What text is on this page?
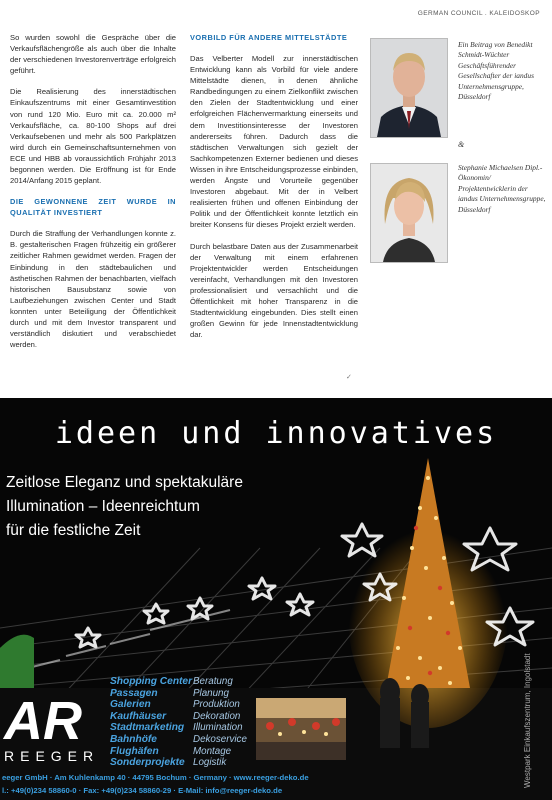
GERMAN COUNCIL . KALEIDOSKOP

So wurden sowohl die Gespräche über die Verkaufsflächengröße als auch über die Inhalte der verschiedenen Investorenverträge erfolgreich geführt.

Die Realisierung des innerstädtischen Einkaufszentrums mit einer Gesamtinvestition von rund 120 Mio. Euro mit ca. 20.000 m² Verkaufsfläche, ca. 80-100 Shops auf drei Verkaufsebenen und mehr als 500 Parkplätzen wird durch ein Gemeinschaftsunternehmen von ECE und HBB ab voraussichtlich Frühjahr 2013 begonnen werden. Die Eröffnung ist für Ende 2014/Anfang 2015 geplant.

DIE GEWONNENE ZEIT WURDE IN QUALITÄT INVESTIERT

Durch die Straffung der Verhandlungen konnte z. B. gestalterischen Fragen frühzeitig ein größerer zeitlicher Rahmen gewidmet werden. Fragen der Einbindung in den städtebaulichen und ästhetischen Rahmen der benachbarten, vielfach historischen Bausubstanz sowie von Laufbeziehungen zwischen Center und Stadt konnten unter Beteiligung der Öffentlichkeit durch und mit dem Investor transparent und verständlich diskutiert und verabschiedet werden.

VORBILD FÜR ANDERE MITTELSTÄDTE

Das Velberter Modell zur innerstädtischen Entwicklung kann als Vorbild für viele andere Mittelstädte dienen, in denen ähnliche Randbedingungen zu einem Zielkonflikt zwischen den Zielen der Stadtentwicklung und einer erfolgreichen Flächenvermarktung einerseits und dem Investitionsinteresse der Investoren andererseits führen. Dadurch dass die städtischen Verwaltungen sich gezielt der Sachkompetenzen Externer bedienen und dieses Wissen in ihre Entscheidungsprozesse einbinden, werden Ängste und Vorurteile gegenüber Investoren abgebaut. Mit der in Velbert realisierten frühen und offenen Einbindung der Politik und der Öffentlichkeit konnte letztlich ein breiter Konsens für dieses Projekt erzielt werden.

Durch belastbare Daten aus der Zusammenarbeit der Verwaltung mit einem erfahrenen Projektentwickler werden Entscheidungen vereinfacht, Verhandlungen mit den Investoren professionalisiert und versachlicht und die Öffentlichkeit mit hoher Transparenz in die Stadtentwicklung eingebunden. Dies stellt einen großen Gewinn für jede Innenstadtentwicklung dar.

Ein Beitrag von Benedikt Schmidt-Wüchter Geschäftsführender Gesellschafter der iandus Unternehmensgruppe, Düsseldorf
&
Stephanie Michaelsen Dipl.-Ökonomin/ Projektentwicklerin der iandus Unternehmensgruppe, Düsseldorf
✓
ideen und innovatives
Zeitlose Eleganz und spektakuläre
Illumination – Ideenreichtum
für die festliche Zeit
Shopping Center
Passagen
Galerien
Kaufhäuser
Stadtmarketing
Bahnhöfe
Flughäfen
Sonderprojekte
Beratung
Planung
Produktion
Dekoration
Illumination
Dekoservice
Montage
Logistik
AR
REEGER
eeger GmbH · Am Kuhlenkamp 40 · 44795 Bochum · Germany · www.reeger-deko.de
l.: +49(0)234 58860-0 · Fax: +49(0)234 58860-29 · E-Mail: info@reeger-deko.de
Westpark Einkaufszentrum, Ingolstadt
